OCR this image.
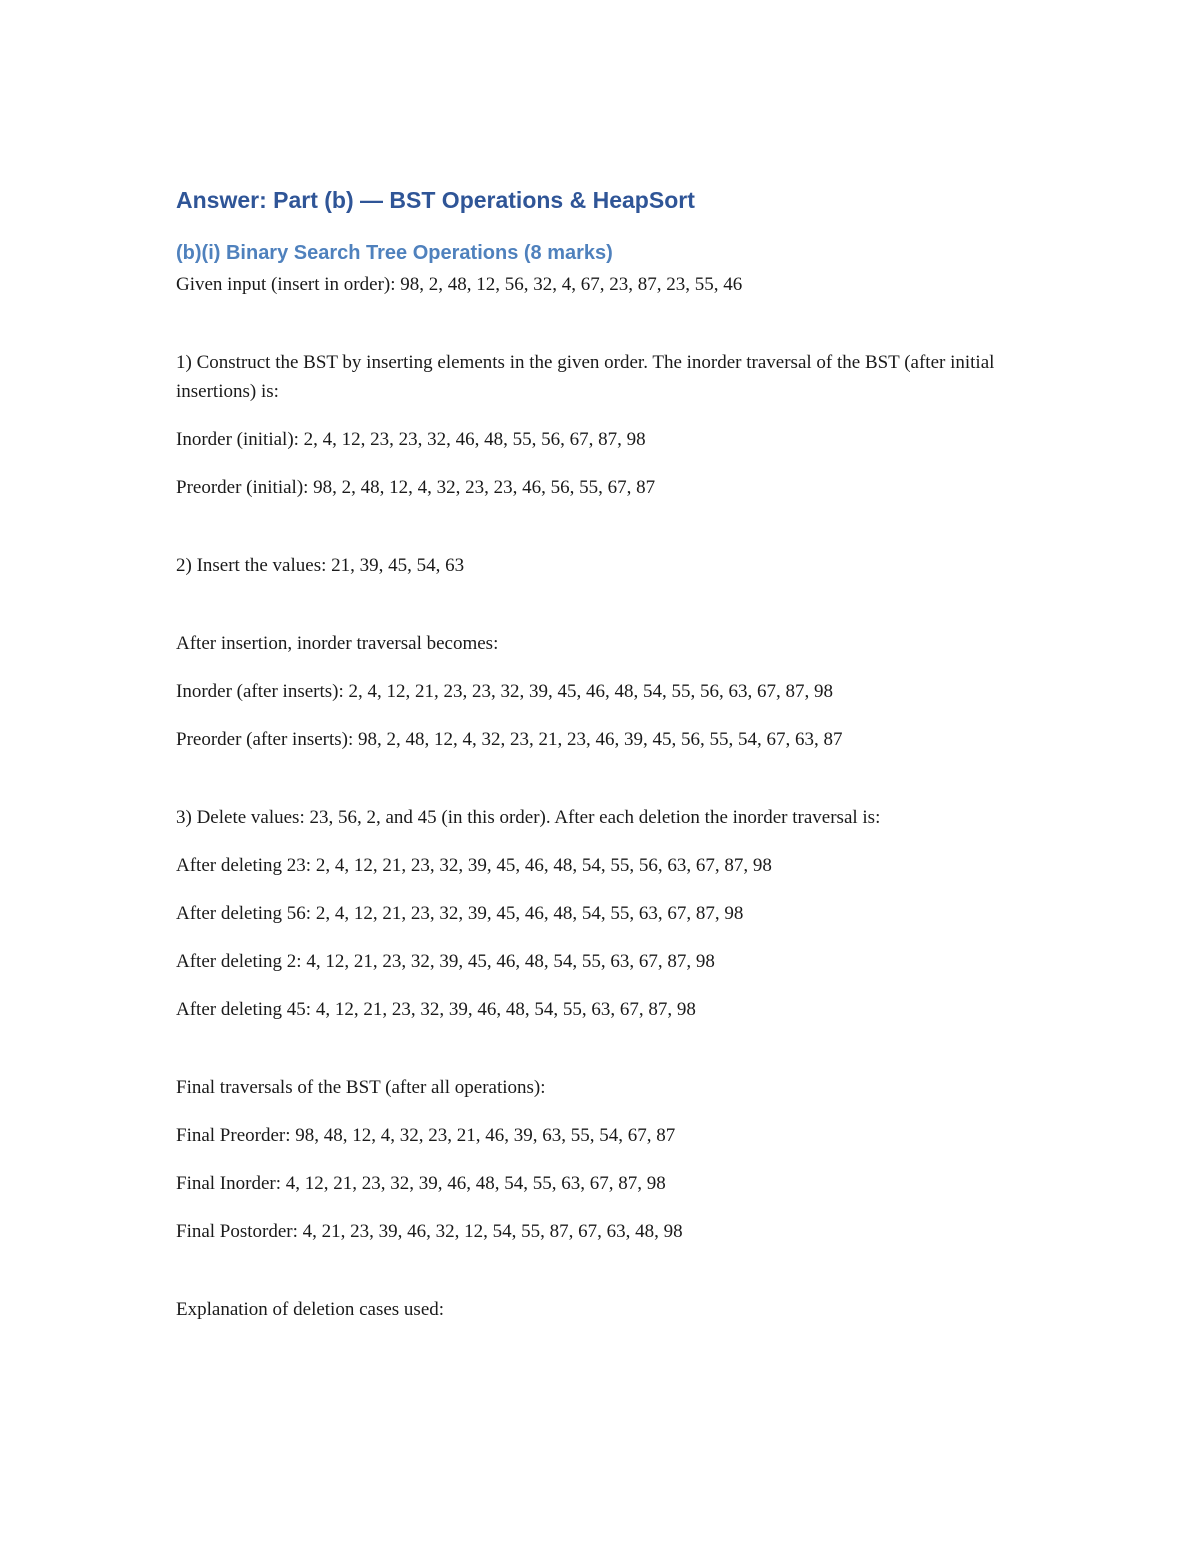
Answer: Part (b) — BST Operations & HeapSort
(b)(i) Binary Search Tree Operations (8 marks)

Given input (insert in order): 98, 2, 48, 12, 56, 32, 4, 67, 23, 87, 23, 55, 46

1) Construct the BST by inserting elements in the given order. The inorder traversal of the BST (after initial insertions) is:

Inorder (initial): 2, 4, 12, 23, 23, 32, 46, 48, 55, 56, 67, 87, 98

Preorder (initial): 98, 2, 48, 12, 4, 32, 23, 23, 46, 56, 55, 67, 87

2) Insert the values: 21, 39, 45, 54, 63

After insertion, inorder traversal becomes:

Inorder (after inserts): 2, 4, 12, 21, 23, 23, 32, 39, 45, 46, 48, 54, 55, 56, 63, 67, 87, 98

Preorder (after inserts): 98, 2, 48, 12, 4, 32, 23, 21, 23, 46, 39, 45, 56, 55, 54, 67, 63, 87

3) Delete values: 23, 56, 2, and 45 (in this order). After each deletion the inorder traversal is:

After deleting 23: 2, 4, 12, 21, 23, 32, 39, 45, 46, 48, 54, 55, 56, 63, 67, 87, 98

After deleting 56: 2, 4, 12, 21, 23, 32, 39, 45, 46, 48, 54, 55, 63, 67, 87, 98

After deleting 2: 4, 12, 21, 23, 32, 39, 45, 46, 48, 54, 55, 63, 67, 87, 98

After deleting 45: 4, 12, 21, 23, 32, 39, 46, 48, 54, 55, 63, 67, 87, 98

Final traversals of the BST (after all operations):

Final Preorder: 98, 48, 12, 4, 32, 23, 21, 46, 39, 63, 55, 54, 67, 87

Final Inorder: 4, 12, 21, 23, 32, 39, 46, 48, 54, 55, 63, 67, 87, 98

Final Postorder: 4, 21, 23, 39, 46, 32, 12, 54, 55, 87, 67, 63, 48, 98

Explanation of deletion cases used:
